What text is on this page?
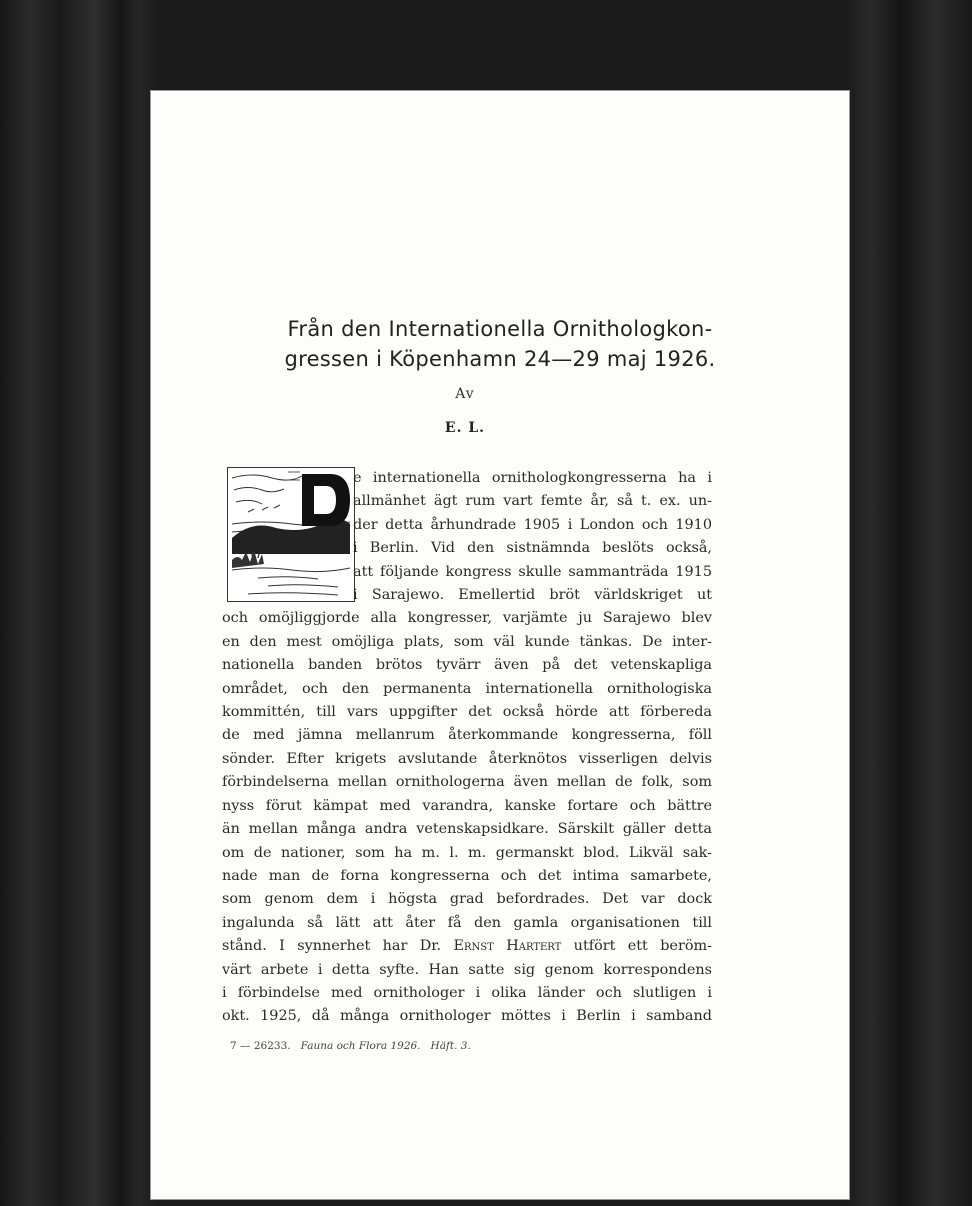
Från den Internationella Ornithologkon-
gressen i Köpenhamn 24—29 maj 1926.
Av
E. L.
e internationella ornithologkongresserna ha i
allmänhet ägt rum vart femte år, så t. ex. un-
der detta århundrade 1905 i London och 1910
i Berlin. Vid den sistnämnda beslöts också,
att följande kongress skulle sammanträda 1915
i Sarajewo. Emellertid bröt världskriget ut
och omöjliggjorde alla kongresser, varjämte ju Sarajewo blev
en den mest omöjliga plats, som väl kunde tänkas. De inter-
nationella banden brötos tyvärr även på det vetenskapliga
området, och den permanenta internationella ornithologiska
kommittén, till vars uppgifter det också hörde att förbereda
de med jämna mellanrum återkommande kongresserna, föll
sönder. Efter krigets avslutande återknötos visserligen delvis
förbindelserna mellan ornithologerna även mellan de folk, som
nyss förut kämpat med varandra, kanske fortare och bättre
än mellan många andra vetenskapsidkare. Särskilt gäller detta
om de nationer, som ha m. l. m. germanskt blod. Likväl sak-
nade man de forna kongresserna och det intima samarbete,
som genom dem i högsta grad befordrades. Det var dock
ingalunda så lätt att åter få den gamla organisationen till
stånd. I synnerhet har Dr. Ernst Hartert utfört ett beröm-
värt arbete i detta syfte. Han satte sig genom korrespondens
i förbindelse med ornithologer i olika länder och slutligen i
okt. 1925, då många ornithologer möttes i Berlin i samband
7 — 26233. Fauna och Flora 1926. Häft. 3.
